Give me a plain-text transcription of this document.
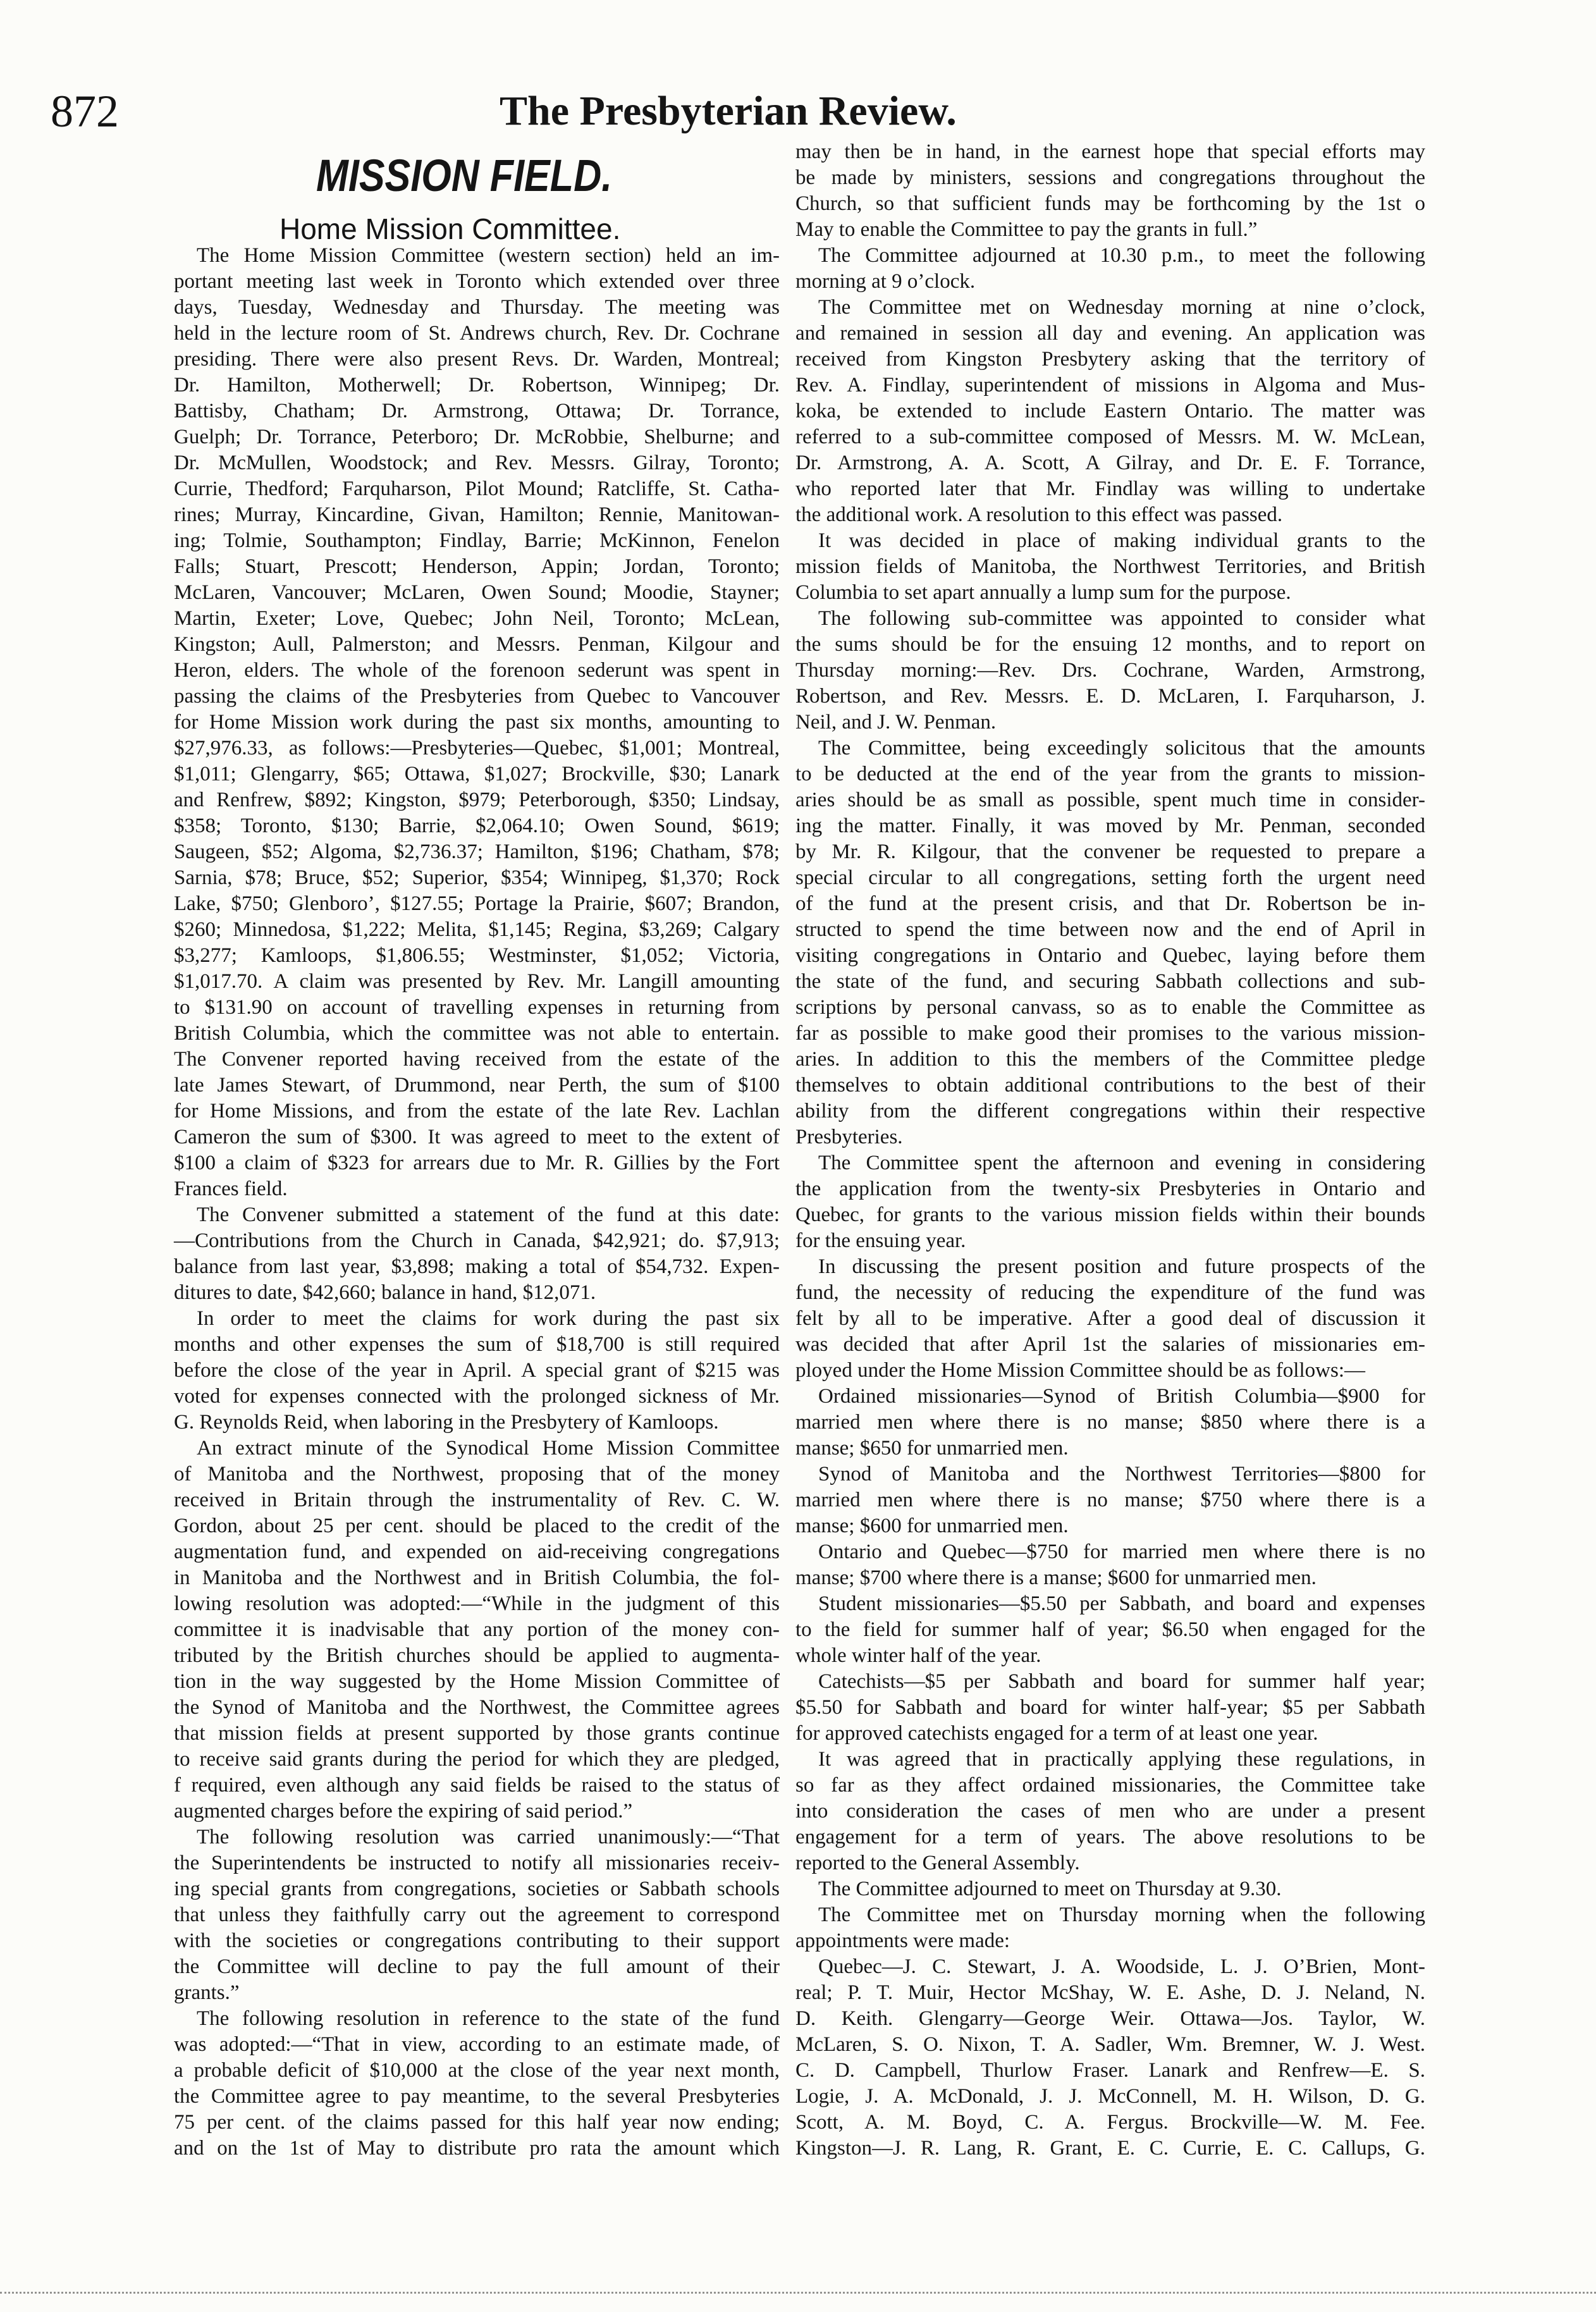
872	The Presbyterian Review.
MISSION FIELD.
Home Mission Committee.
The Home Mission Committee (western section) held an im-
portant meeting last week in Toronto which extended over three
days, Tuesday, Wednesday and Thursday. The meeting was
held in the lecture room of St. Andrews church, Rev. Dr. Cochrane
presiding. There were also present Revs. Dr. Warden, Montreal;
Dr. Hamilton, Motherwell; Dr. Robertson, Winnipeg; Dr.
Battisby, Chatham; Dr. Armstrong, Ottawa; Dr. Torrance,
Guelph; Dr. Torrance, Peterboro; Dr. McRobbie, Shelburne; and
Dr. McMullen, Woodstock; and Rev. Messrs. Gilray, Toronto;
Currie, Thedford; Farquharson, Pilot Mound; Ratcliffe, St. Catha-
rines; Murray, Kincardine, Givan, Hamilton; Rennie, Manitowan-
ing; Tolmie, Southampton; Findlay, Barrie; McKinnon, Fenelon
Falls; Stuart, Prescott; Henderson, Appin; Jordan, Toronto;
McLaren, Vancouver; McLaren, Owen Sound; Moodie, Stayner;
Martin, Exeter; Love, Quebec; John Neil, Toronto; McLean,
Kingston; Aull, Palmerston; and Messrs. Penman, Kilgour and
Heron, elders. The whole of the forenoon sederunt was spent in
passing the claims of the Presbyteries from Quebec to Vancouver
for Home Mission work during the past six months, amounting to
$27,976.33, as follows:—Presbyteries—Quebec, $1,001; Montreal,
$1,011; Glengarry, $65; Ottawa, $1,027; Brockville, $30; Lanark
and Renfrew, $892; Kingston, $979; Peterborough, $350; Lindsay,
$358; Toronto, $130; Barrie, $2,064.10; Owen Sound, $619;
Saugeen, $52; Algoma, $2,736.37; Hamilton, $196; Chatham, $78;
Sarnia, $78; Bruce, $52; Superior, $354; Winnipeg, $1,370; Rock
Lake, $750; Glenboro’, $127.55; Portage la Prairie, $607; Brandon,
$260; Minnedosa, $1,222; Melita, $1,145; Regina, $3,269; Calgary
$3,277; Kamloops, $1,806.55; Westminster, $1,052; Victoria,
$1,017.70. A claim was presented by Rev. Mr. Langill amounting
to $131.90 on account of travelling expenses in returning from
British Columbia, which the committee was not able to entertain.
The Convener reported having received from the estate of the
late James Stewart, of Drummond, near Perth, the sum of $100
for Home Missions, and from the estate of the late Rev. Lachlan
Cameron the sum of $300. It was agreed to meet to the extent of
$100 a claim of $323 for arrears due to Mr. R. Gillies by the Fort
Frances field.
The Convener submitted a statement of the fund at this date:
—Contributions from the Church in Canada, $42,921; do. $7,913;
balance from last year, $3,898; making a total of $54,732. Expen-
ditures to date, $42,660; balance in hand, $12,071.
In order to meet the claims for work during the past six
months and other expenses the sum of $18,700 is still required
before the close of the year in April. A special grant of $215 was
voted for expenses connected with the prolonged sickness of Mr.
G. Reynolds Reid, when laboring in the Presbytery of Kamloops.
An extract minute of the Synodical Home Mission Committee
of Manitoba and the Northwest, proposing that of the money
received in Britain through the instrumentality of Rev. C. W.
Gordon, about 25 per cent. should be placed to the credit of the
augmentation fund, and expended on aid-receiving congregations
in Manitoba and the Northwest and in British Columbia, the fol-
lowing resolution was adopted:—“While in the judgment of this
committee it is inadvisable that any portion of the money con-
tributed by the British churches should be applied to augmenta-
tion in the way suggested by the Home Mission Committee of
the Synod of Manitoba and the Northwest, the Committee agrees
that mission fields at present supported by those grants continue
to receive said grants during the period for which they are pledged,
f required, even although any said fields be raised to the status of
augmented charges before the expiring of said period.”
The following resolution was carried unanimously:—“That
the Superintendents be instructed to notify all missionaries receiv-
ing special grants from congregations, societies or Sabbath schools
that unless they faithfully carry out the agreement to correspond
with the societies or congregations contributing to their support
the Committee will decline to pay the full amount of their
grants.”
The following resolution in reference to the state of the fund
was adopted:—“That in view, according to an estimate made, of
a probable deficit of $10,000 at the close of the year next month,
the Committee agree to pay meantime, to the several Presbyteries
75 per cent. of the claims passed for this half year now ending;
and on the 1st of May to distribute pro rata the amount which
may then be in hand, in the earnest hope that special efforts may
be made by ministers, sessions and congregations throughout the
Church, so that sufficient funds may be forthcoming by the 1st o
May to enable the Committee to pay the grants in full.”
The Committee adjourned at 10.30 p.m., to meet the following
morning at 9 o’clock.
The Committee met on Wednesday morning at nine o’clock,
and remained in session all day and evening. An application was
received from Kingston Presbytery asking that the territory of
Rev. A. Findlay, superintendent of missions in Algoma and Mus-
koka, be extended to include Eastern Ontario. The matter was
referred to a sub-committee composed of Messrs. M. W. McLean,
Dr. Armstrong, A. A. Scott, A Gilray, and Dr. E. F. Torrance,
who reported later that Mr. Findlay was willing to undertake
the additional work. A resolution to this effect was passed.
It was decided in place of making individual grants to the
mission fields of Manitoba, the Northwest Territories, and British
Columbia to set apart annually a lump sum for the purpose.
The following sub-committee was appointed to consider what
the sums should be for the ensuing 12 months, and to report on
Thursday morning:—Rev. Drs. Cochrane, Warden, Armstrong,
Robertson, and Rev. Messrs. E. D. McLaren, I. Farquharson, J.
Neil, and J. W. Penman.
The Committee, being exceedingly solicitous that the amounts
to be deducted at the end of the year from the grants to mission-
aries should be as small as possible, spent much time in consider-
ing the matter. Finally, it was moved by Mr. Penman, seconded
by Mr. R. Kilgour, that the convener be requested to prepare a
special circular to all congregations, setting forth the urgent need
of the fund at the present crisis, and that Dr. Robertson be in-
structed to spend the time between now and the end of April in
visiting congregations in Ontario and Quebec, laying before them
the state of the fund, and securing Sabbath collections and sub-
scriptions by personal canvass, so as to enable the Committee as
far as possible to make good their promises to the various mission-
aries. In addition to this the members of the Committee pledge
themselves to obtain additional contributions to the best of their
ability from the different congregations within their respective
Presbyteries.
The Committee spent the afternoon and evening in considering
the application from the twenty-six Presbyteries in Ontario and
Quebec, for grants to the various mission fields within their bounds
for the ensuing year.
In discussing the present position and future prospects of the
fund, the necessity of reducing the expenditure of the fund was
felt by all to be imperative. After a good deal of discussion it
was decided that after April 1st the salaries of missionaries em-
ployed under the Home Mission Committee should be as follows:—
Ordained missionaries—Synod of British Columbia—$900 for
married men where there is no manse; $850 where there is a
manse; $650 for unmarried men.
Synod of Manitoba and the Northwest Territories—$800 for
married men where there is no manse; $750 where there is a
manse; $600 for unmarried men.
Ontario and Quebec—$750 for married men where there is no
manse; $700 where there is a manse; $600 for unmarried men.
Student missionaries—$5.50 per Sabbath, and board and expenses
to the field for summer half of year; $6.50 when engaged for the
whole winter half of the year.
Catechists—$5 per Sabbath and board for summer half year;
$5.50 for Sabbath and board for winter half-year; $5 per Sabbath
for approved catechists engaged for a term of at least one year.
It was agreed that in practically applying these regulations, in
so far as they affect ordained missionaries, the Committee take
into consideration the cases of men who are under a present
engagement for a term of years. The above resolutions to be
reported to the General Assembly.
The Committee adjourned to meet on Thursday at 9.30.
The Committee met on Thursday morning when the following
appointments were made:
Quebec—J. C. Stewart, J. A. Woodside, L. J. O’Brien, Mont-
real; P. T. Muir, Hector McShay, W. E. Ashe, D. J. Neland, N.
D. Keith. Glengarry—George Weir. Ottawa—Jos. Taylor, W.
McLaren, S. O. Nixon, T. A. Sadler, Wm. Bremner, W. J. West.
C. D. Campbell, Thurlow Fraser. Lanark and Renfrew—E. S.
Logie, J. A. McDonald, J. J. McConnell, M. H. Wilson, D. G.
Scott, A. M. Boyd, C. A. Fergus. Brockville—W. M. Fee.
Kingston—J. R. Lang, R. Grant, E. C. Currie, E. C. Callups, G.
